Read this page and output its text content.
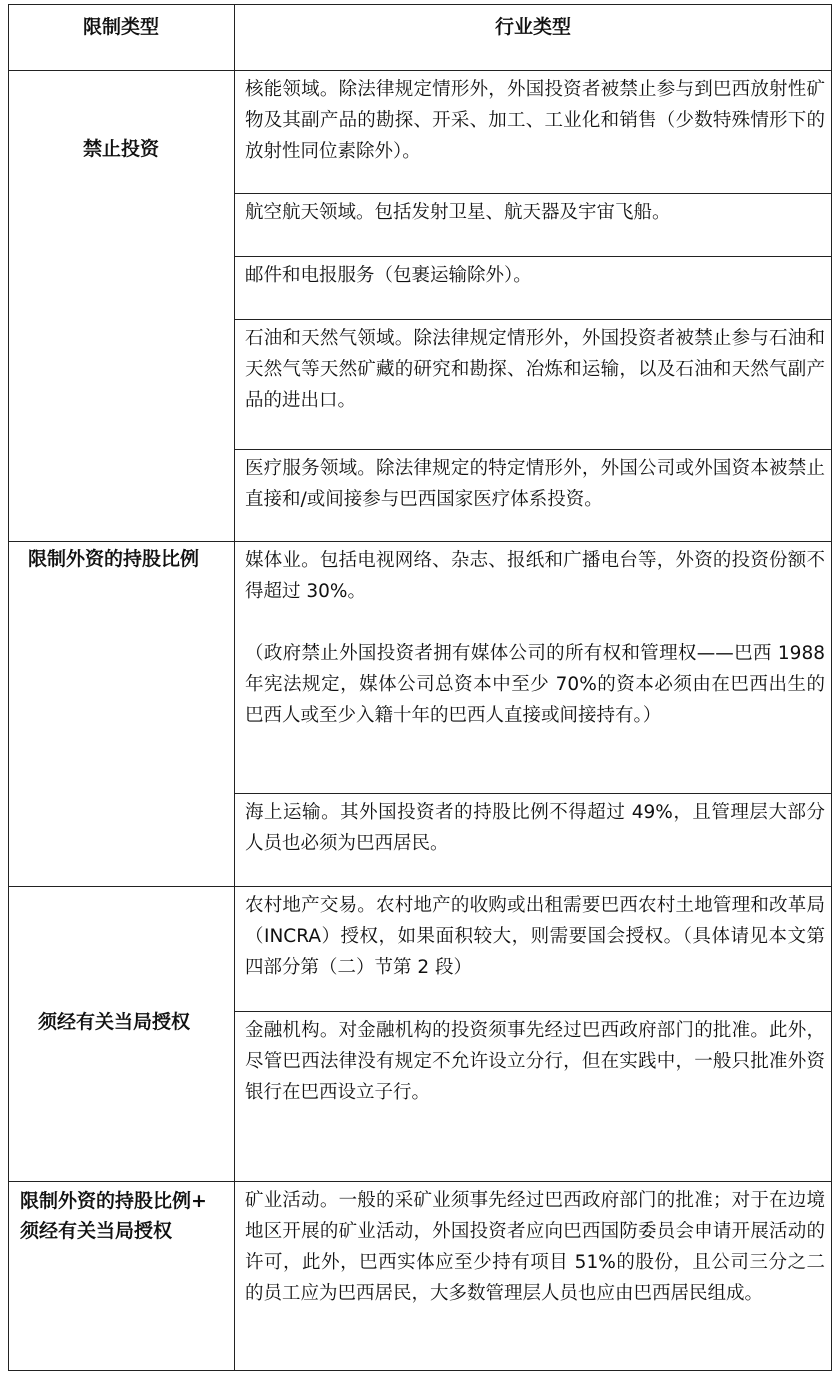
限制类型	行业类型
禁止投资
限制外资的持股比例
须经有关当局授权
限制外资的持股比例+
须经有关当局授权
核能领域。除法律规定情形外，外国投资者被禁止参与到巴西放射性矿物及其副产品的勘探、开采、加工、工业化和销售（少数特殊情形下的放射性同位素除外）。
航空航天领域。包括发射卫星、航天器及宇宙飞船。
邮件和电报服务（包裹运输除外）。
石油和天然气领域。除法律规定情形外，外国投资者被禁止参与石油和天然气等天然矿藏的研究和勘探、冶炼和运输，以及石油和天然气副产品的进出口。
医疗服务领域。除法律规定的特定情形外，外国公司或外国资本被禁止直接和/或间接参与巴西国家医疗体系投资。
媒体业。包括电视网络、杂志、报纸和广播电台等，外资的投资份额不得超过 30%。
（政府禁止外国投资者拥有媒体公司的所有权和管理权——巴西 1988 年宪法规定，媒体公司总资本中至少 70%的资本必须由在巴西出生的巴西人或至少入籍十年的巴西人直接或间接持有。）
海上运输。其外国投资者的持股比例不得超过 49%，且管理层大部分人员也必须为巴西居民。
农村地产交易。农村地产的收购或出租需要巴西农村土地管理和改革局（INCRA）授权，如果面积较大，则需要国会授权。（具体请见本文第四部分第（二）节第 2 段）
金融机构。对金融机构的投资须事先经过巴西政府部门的批准。此外，尽管巴西法律没有规定不允许设立分行，但在实践中，一般只批准外资银行在巴西设立子行。
矿业活动。一般的采矿业须事先经过巴西政府部门的批准；对于在边境地区开展的矿业活动，外国投资者应向巴西国防委员会申请开展活动的许可，此外，巴西实体应至少持有项目 51%的股份，且公司三分之二的员工应为巴西居民，大多数管理层人员也应由巴西居民组成。
